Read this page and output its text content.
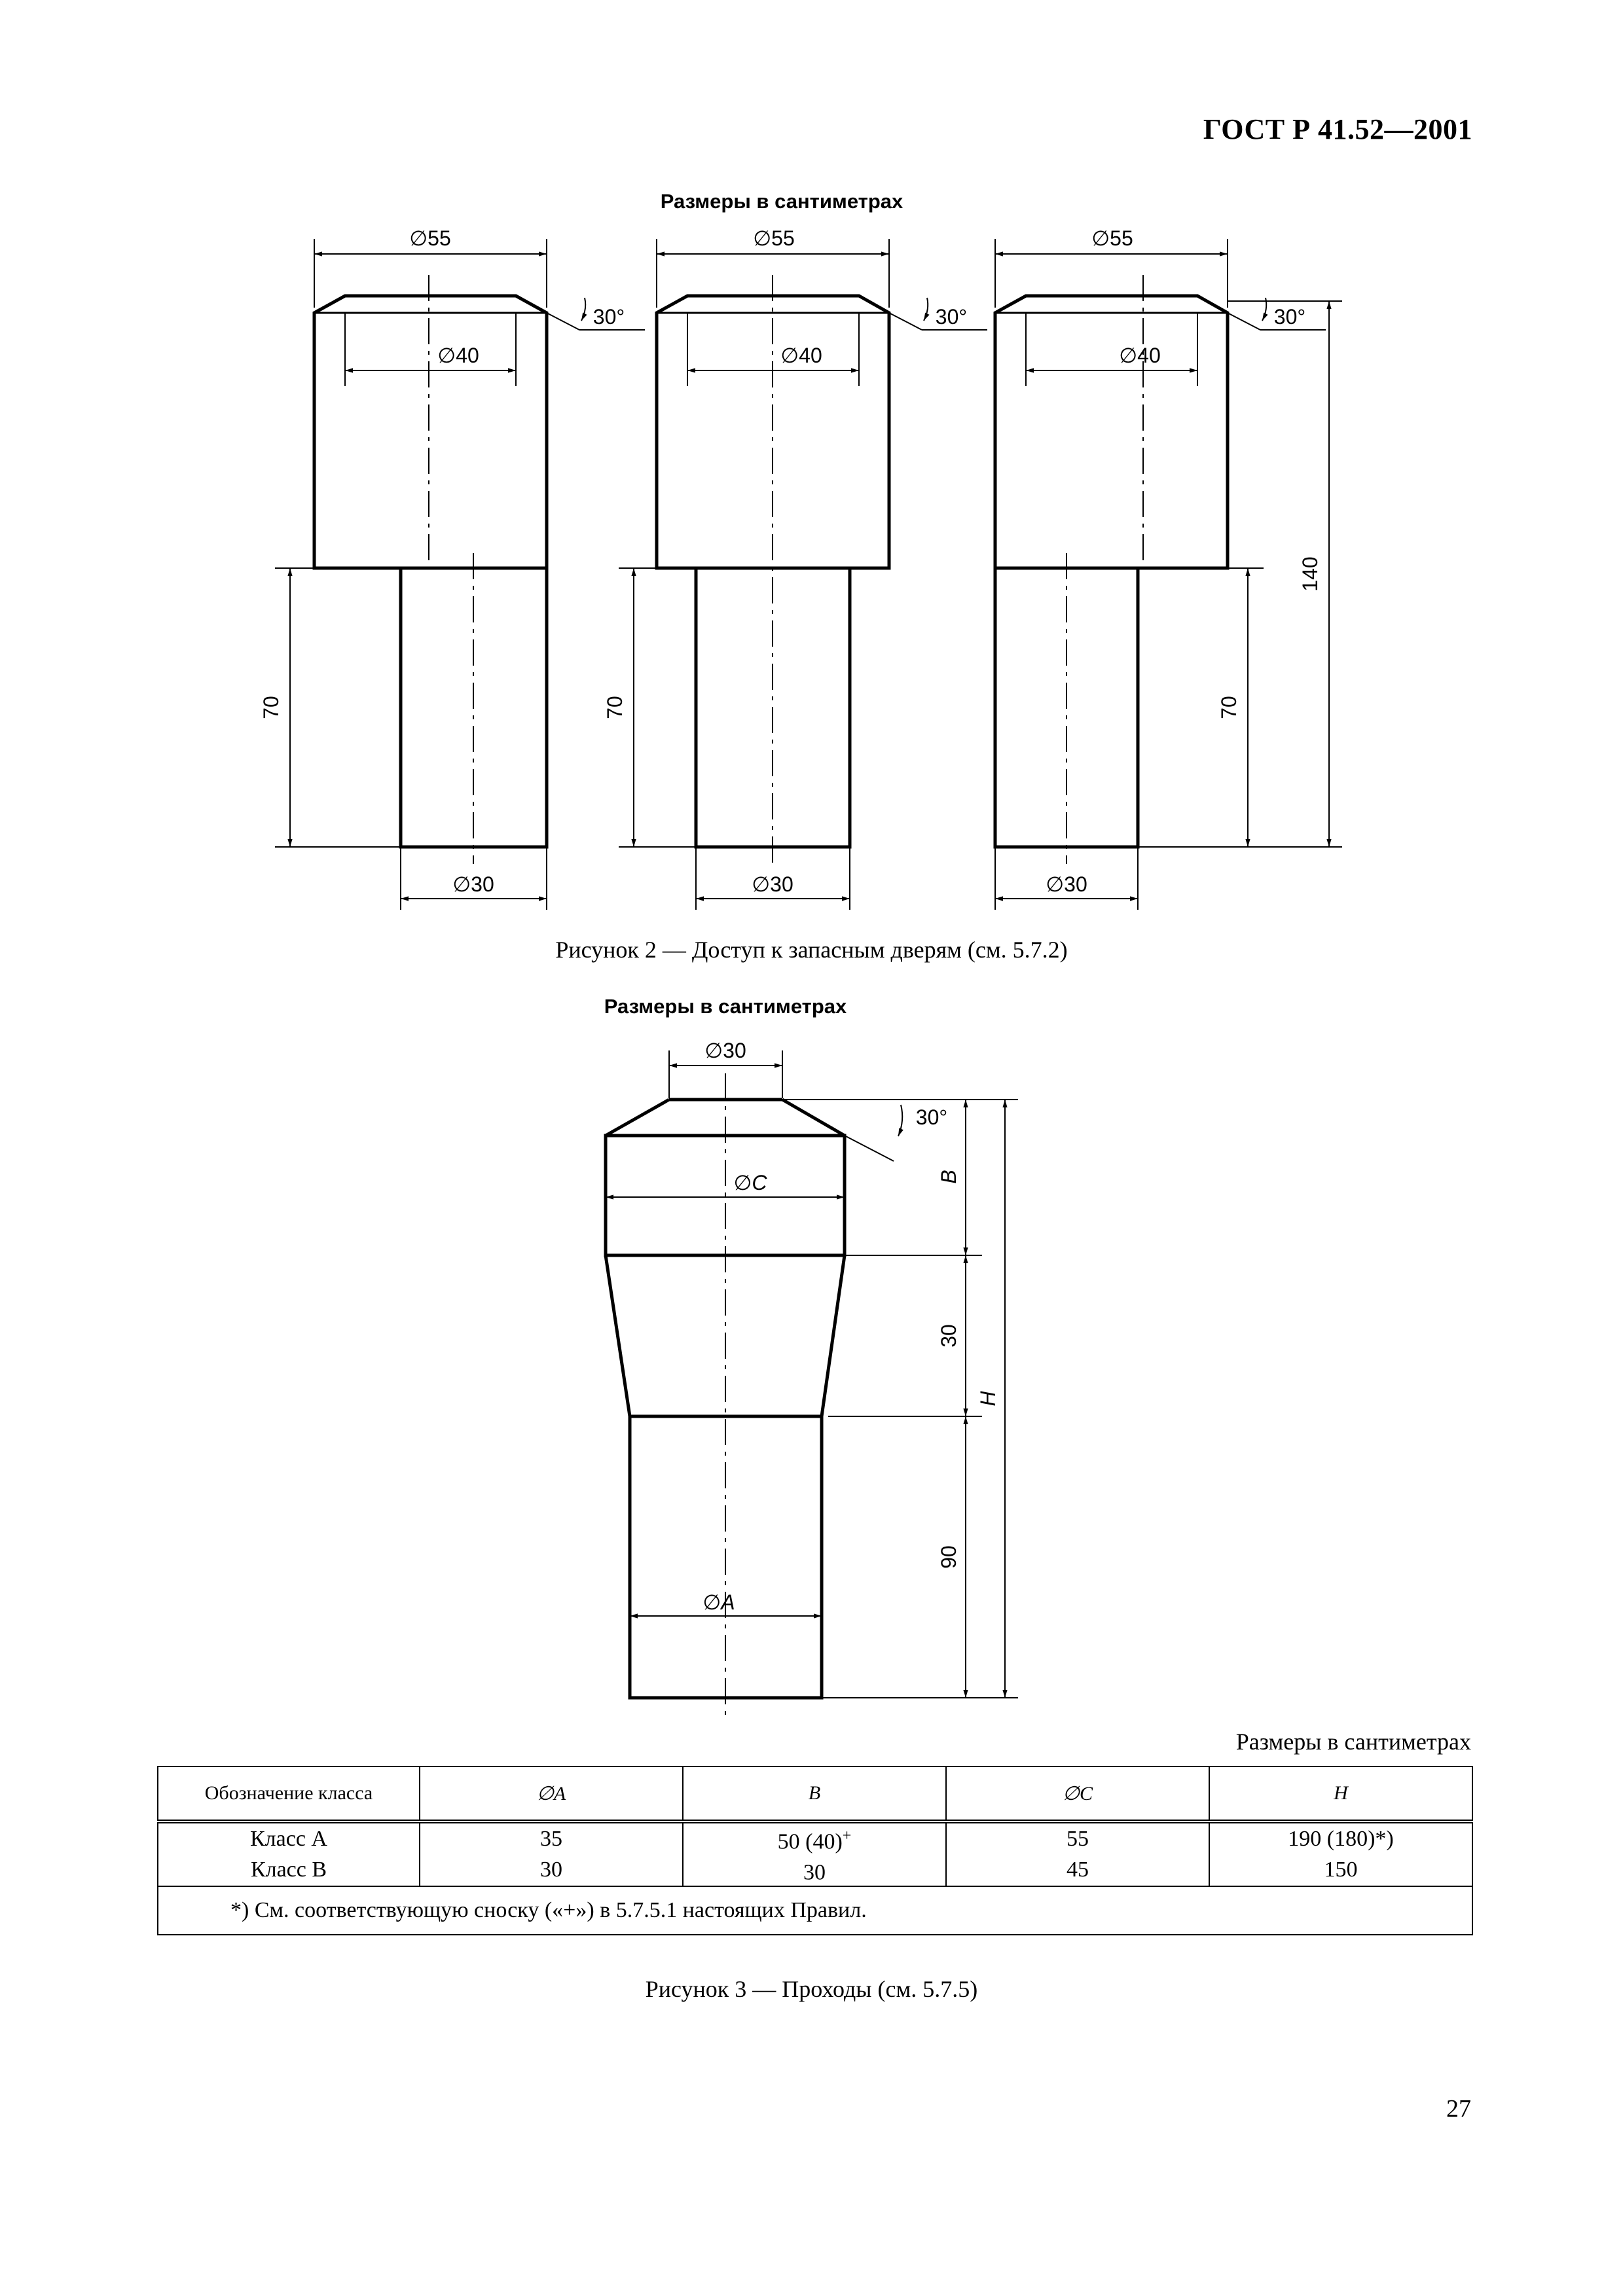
ГОСТ Р 41.52—2001
Размеры в сантиметрах
∅55
∅40
30°
70
∅30
∅55
∅40
30°
70
∅30
∅55
∅40
30°
70
140
∅30
Рисунок 2 — Доступ к запасным дверям (см. 5.7.2)
Размеры в сантиметрах
∅30
30°
∅C
∅A
B
30
90
H
Размеры в сантиметрах
Обозначение класса	∅A	B	∅C	H
Класс А	35	50 (40)+	55	190 (180)*)
Класс В	30	30	45	150
*) См. соответствующую сноску («+») в 5.7.5.1 настоящих Правил.				
Рисунок 3 — Проходы (см. 5.7.5)
27
